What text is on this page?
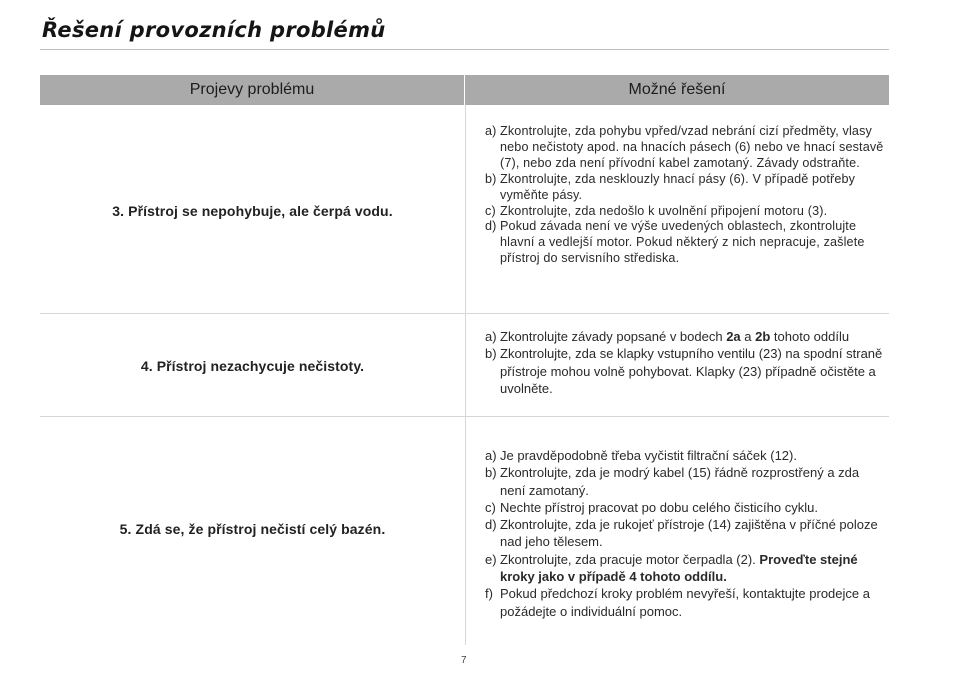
Řešení provozních problémů
Projevy problému	Možné řešení
3. Přístroj se nepohybuje, ale čerpá vodu.
a) Zkontrolujte, zda pohybu vpřed/vzad nebrání cizí předměty, vlasy nebo nečistoty apod. na hnacích pásech (6) nebo ve hnací sestavě (7), nebo zda není přívodní kabel zamotaný. Závady odstraňte.
b) Zkontrolujte, zda nesklouzly hnací pásy (6). V případě potřeby vyměňte pásy.
c) Zkontrolujte, zda nedošlo k uvolnění připojení motoru (3).
d) Pokud závada není ve výše uvedených oblastech, zkontrolujte hlavní a vedlejší motor. Pokud některý z nich nepracuje, zašlete přístroj do servisního střediska.
4. Přístroj nezachycuje nečistoty.
a) Zkontrolujte závady popsané v bodech 2a a 2b tohoto oddílu
b) Zkontrolujte, zda se klapky vstupního ventilu (23) na spodní straně přístroje mohou volně pohybovat. Klapky (23) případně očistěte a uvolněte.
5. Zdá se, že přístroj nečistí celý bazén.
a) Je pravděpodobně třeba vyčistit filtrační sáček (12).
b) Zkontrolujte, zda je modrý kabel (15) řádně rozprostřený a zda není zamotaný.
c) Nechte přístroj pracovat po dobu celého čisticího cyklu.
d) Zkontrolujte, zda je rukojeť přístroje (14) zajištěna v příčné poloze nad jeho tělesem.
e) Zkontrolujte, zda pracuje motor čerpadla (2). Proveďte stejné kroky jako v případě 4 tohoto oddílu.
f) Pokud předchozí kroky problém nevyřeší, kontaktujte prodejce a požádejte o individuální pomoc.
7
